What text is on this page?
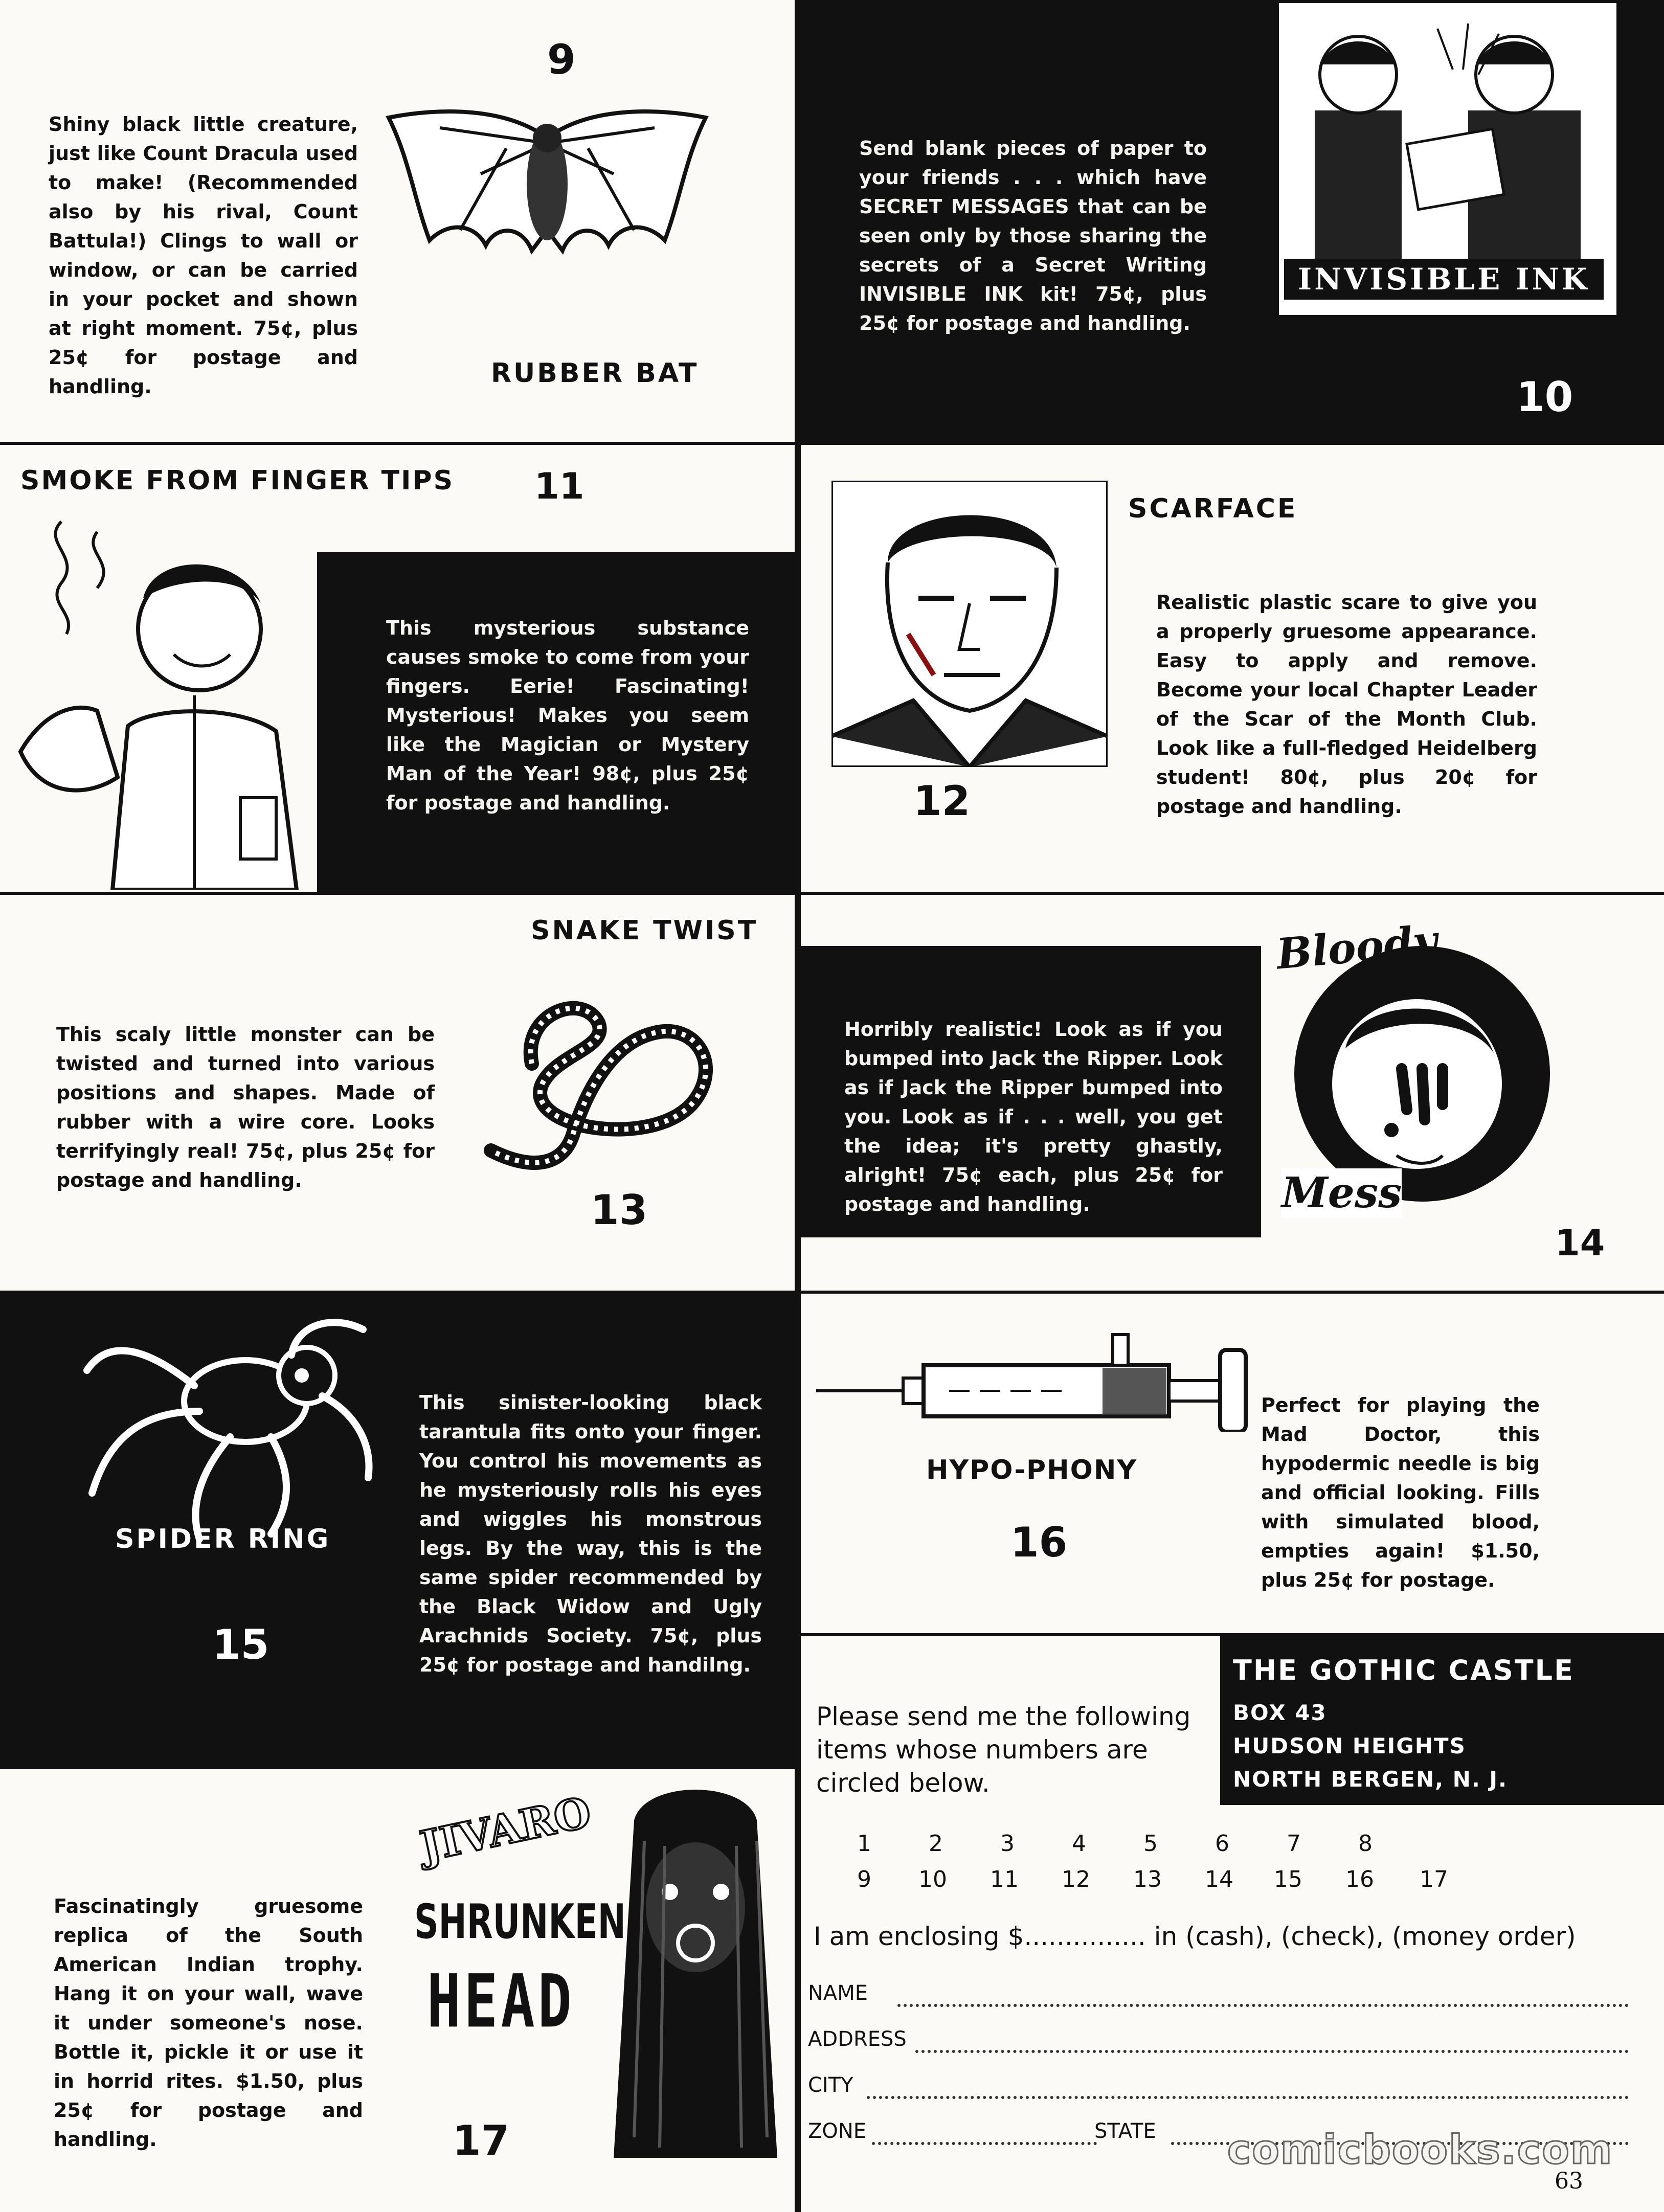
9
Shiny black little creature, just like Count Dracula used to make! (Recommended also by his rival, Count Battula!) Clings to wall or window, or can be carried in your pocket and shown at right moment. 75¢, plus 25¢ for postage and handling.	RUBBER BAT
Send blank pieces of paper to your friends . . . which have SECRET MESSAGES that can be seen only by those sharing the secrets of a Secret Writing INVISIBLE INK kit! 75¢, plus 25¢ for postage and handling.
INVISIBLE INK
10
SMOKE FROM FINGER TIPS 11
This mysterious substance causes smoke to come from your fingers. Eerie! Fascinating! Mysterious! Makes you seem like the Magician or Mystery Man of the Year! 98¢, plus 25¢ for postage and handling.
SCARFACE
Realistic plastic scare to give you a properly gruesome appearance. Easy to apply and remove. Become your local Chapter Leader of the Scar of the Month Club. Look like a full-fledged Heidelberg student! 80¢, plus 20¢ for postage and handling.
12
SNAKE TWIST
This scaly little monster can be twisted and turned into various positions and shapes. Made of rubber with a wire core. Looks terrifyingly real! 75¢, plus 25¢ for postage and handling.
13
Horribly realistic! Look as if you bumped into Jack the Ripper. Look as if Jack the Ripper bumped into you. Look as if . . . well, you get the idea; it's pretty ghastly, alright! 75¢ each, plus 25¢ for postage and handling.
Bloody
Mess
14
SPIDER RING
15
This sinister-looking black tarantula fits onto your finger. You control his movements as he mysteriously rolls his eyes and wiggles his monstrous legs. By the way, this is the same spider recommended by the Black Widow and Ugly Arachnids Society. 75¢, plus 25¢ for postage and handilng.
HYPO-PHONY
16
Perfect for playing the Mad Doctor, this hypodermic needle is big and official looking. Fills with simulated blood, empties again! $1.50, plus 25¢ for postage.
Fascinatingly gruesome replica of the South American Indian trophy. Hang it on your wall, wave it under someone's nose. Bottle it, pickle it or use it in horrid rites. $1.50, plus 25¢ for postage and handling.
JIVARO
SHRUNKEN
HEAD
17
THE GOTHIC CASTLE
BOX 43
HUDSON HEIGHTS
NORTH BERGEN, N. J.
Please send me the following items whose numbers are circled below.
1	2	3	4	5	6	7	8
9 10 11 12 13 14 15 16 17
I am enclosing $............... in (cash), (check), (money order)
NAME
ADDRESS
CITY
ZONE	STATE comicbooks.com
63
